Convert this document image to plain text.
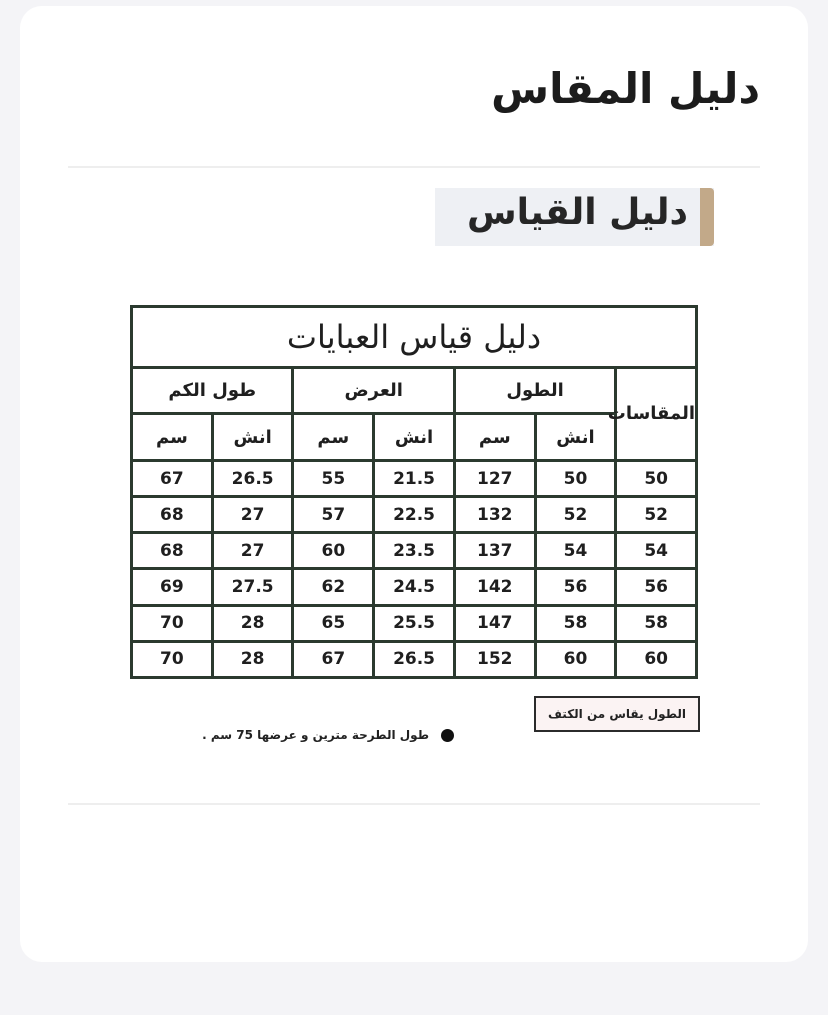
دليل المقاس
دليل القياس
دليل قياس العبايات						
المقاسات	الطول		العرض		طول الكم	
	انش	سم	انش	سم	انش	سم
50	50	127	21.5	55	26.5	67
52	52	132	22.5	57	27	68
54	54	137	23.5	60	27	68
56	56	142	24.5	62	27.5	69
58	58	147	25.5	65	28	70
60	60	152	26.5	67	28	70
الطول يقاس من الكتف
طول الطرحة مترين و عرضها 75 سم .
